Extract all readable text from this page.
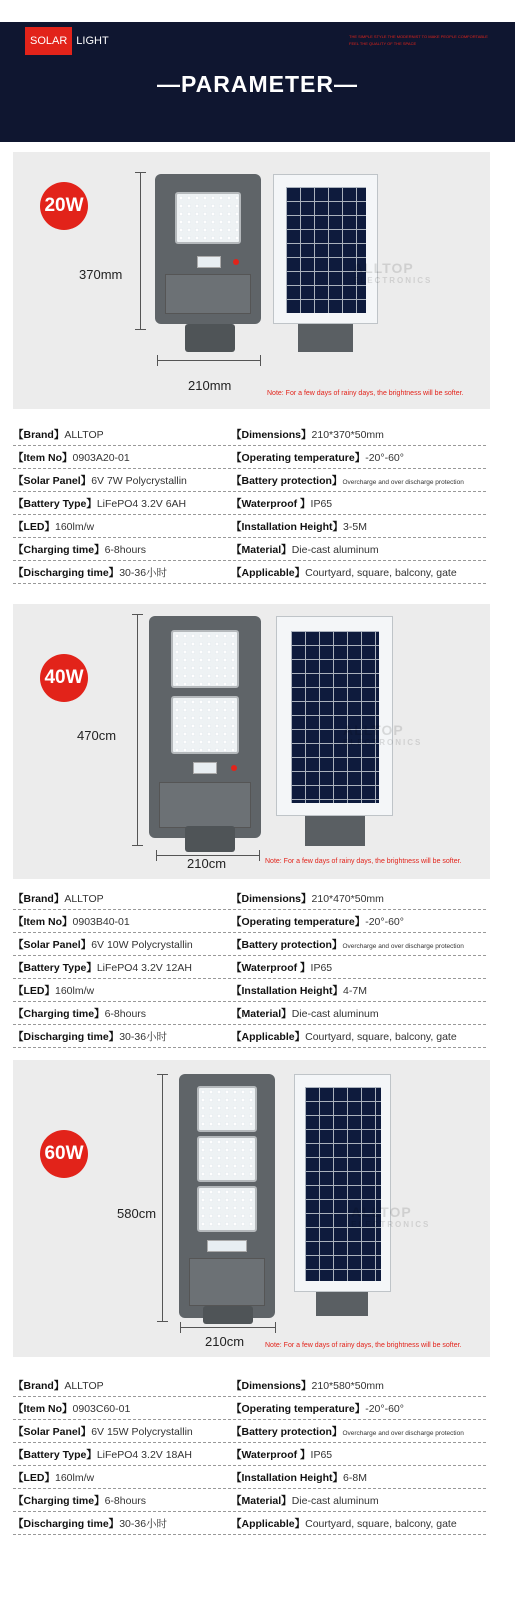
SOLAR LIGHT	THE SIMPLE STYLE THE MODERNIST TO MAKE PEOPLE COMFORTABLE FEEL THE QUALITY OF THE SPACE
—PARAMETER—
20W
370mm	ALLTOP
ELECTRONICS
210mm
Note: For a few days of rainy days, the brightness will be softer.
【Brand】ALLTOP	【Dimensions】210*370*50mm
【Item No】0903A20-01	【Operating temperature】-20°-60°
【Solar Panel】6V 7W Polycrystallin	【Battery protection】Overcharge and over discharge protection
【Battery Type】LiFePO4 3.2V 6AH	【Waterproof 】IP65
【LED】160lm/w	【Installation Height】3-5M
【Charging time】6-8hours	【Material】Die-cast aluminum
【Discharging time】30-36小时	【Applicable】Courtyard, square, balcony, gate
40W
470cm	ALLTOP
ELECTRONICS
210cm	Note: For a few days of rainy days, the brightness will be softer.
【Brand】ALLTOP	【Dimensions】210*470*50mm
【Item No】0903B40-01	【Operating temperature】-20°-60°
【Solar Panel】6V 10W Polycrystallin	【Battery protection】Overcharge and over discharge protection
【Battery Type】LiFePO4 3.2V 12AH	【Waterproof 】IP65
【LED】160lm/w	【Installation Height】4-7M
【Charging time】6-8hours	【Material】Die-cast aluminum
【Discharging time】30-36小时	【Applicable】Courtyard, square, balcony, gate
60W
580cm	ALLTOP
ELECTRONICS
210cm	Note: For a few days of rainy days, the brightness will be softer.
【Brand】ALLTOP	【Dimensions】210*580*50mm
【Item No】0903C60-01	【Operating temperature】-20°-60°
【Solar Panel】6V 15W Polycrystallin	【Battery protection】Overcharge and over discharge protection
【Battery Type】LiFePO4 3.2V 18AH	【Waterproof 】IP65
【LED】160lm/w	【Installation Height】6-8M
【Charging time】6-8hours	【Material】Die-cast aluminum
【Discharging time】30-36小时	【Applicable】Courtyard, square, balcony, gate
